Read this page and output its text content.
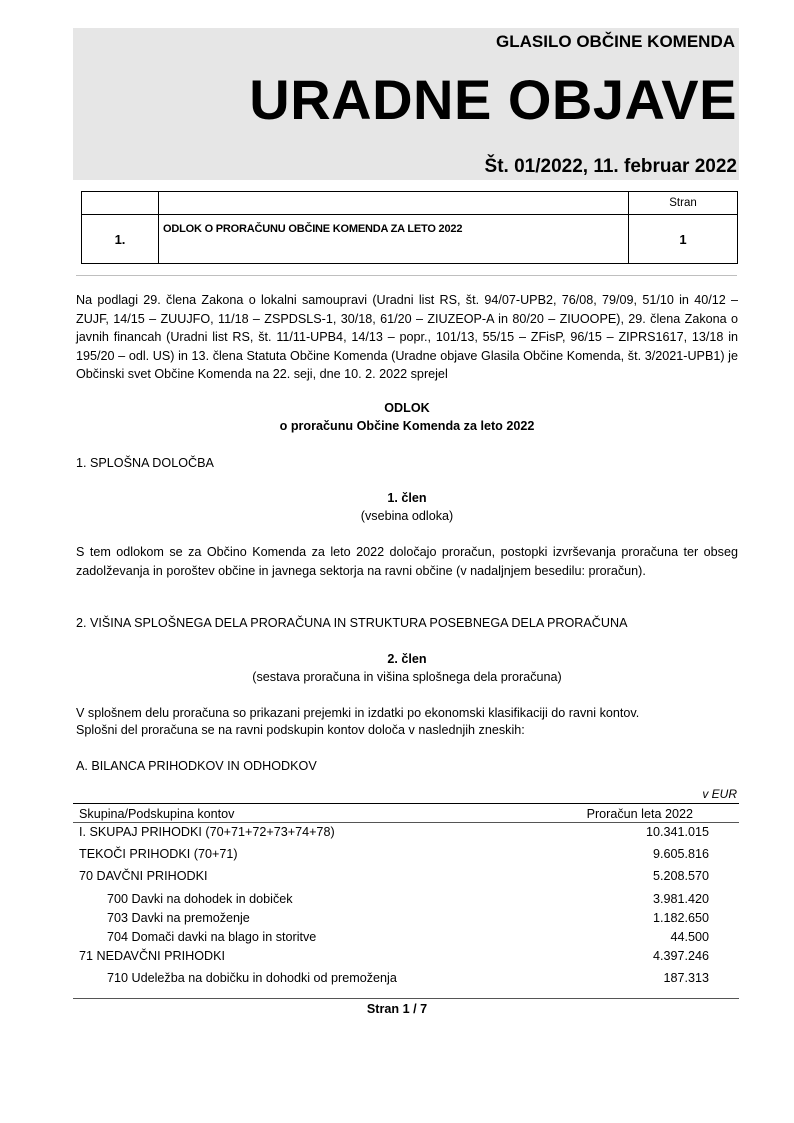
GLASILO OBČINE KOMENDA
URADNE OBJAVE
Št. 01/2022, 11. februar 2022
		Stran
1.	ODLOK O PRORAČUNU OBČINE KOMENDA ZA LETO 2022	1
Na podlagi 29. člena Zakona o lokalni samoupravi (Uradni list RS, št. 94/07-UPB2, 76/08, 79/09, 51/10 in 40/12 – ZUJF, 14/15 – ZUUJFO, 11/18 – ZSPDSLS-1, 30/18, 61/20 – ZIUZEOP-A in 80/20 – ZIUOOPE), 29. člena Zakona o javnih financah (Uradni list RS, št. 11/11-UPB4, 14/13 – popr., 101/13, 55/15 – ZFisP, 96/15 – ZIPRS1617, 13/18 in 195/20 – odl. US) in 13. člena Statuta Občine Komenda (Uradne objave Glasila Občine Komenda, št. 3/2021-UPB1) je Občinski svet Občine Komenda na 22. seji, dne 10. 2. 2022 sprejel
ODLOK
o proračunu Občine Komenda za leto 2022
1. SPLOŠNA DOLOČBA
1. člen
(vsebina odloka)
S tem odlokom se za Občino Komenda za leto 2022 določajo proračun, postopki izvrševanja proračuna ter obseg zadolževanja in poroštev občine in javnega sektorja na ravni občine (v nadaljnjem besedilu: proračun).
2. VIŠINA SPLOŠNEGA DELA PRORAČUNA IN STRUKTURA POSEBNEGA DELA PRORAČUNA
2. člen
(sestava proračuna in višina splošnega dela proračuna)
V splošnem delu proračuna so prikazani prejemki in izdatki po ekonomski klasifikaciji do ravni kontov.
Splošni del proračuna se na ravni podskupin kontov določa v naslednjih zneskih:
A. BILANCA PRIHODKOV IN ODHODKOV
v EUR
Skupina/Podskupina kontov	Proračun leta 2022
I. SKUPAJ PRIHODKI (70+71+72+73+74+78)	10.341.015
TEKOČI PRIHODKI (70+71)	9.605.816
70 DAVČNI PRIHODKI	5.208.570
700 Davki na dohodek in dobiček	3.981.420
703 Davki na premoženje	1.182.650
704 Domači davki na blago in storitve	44.500
71 NEDAVČNI PRIHODKI	4.397.246
710 Udeležba na dobičku in dohodki od premoženja	187.313
Stran 1 / 7
